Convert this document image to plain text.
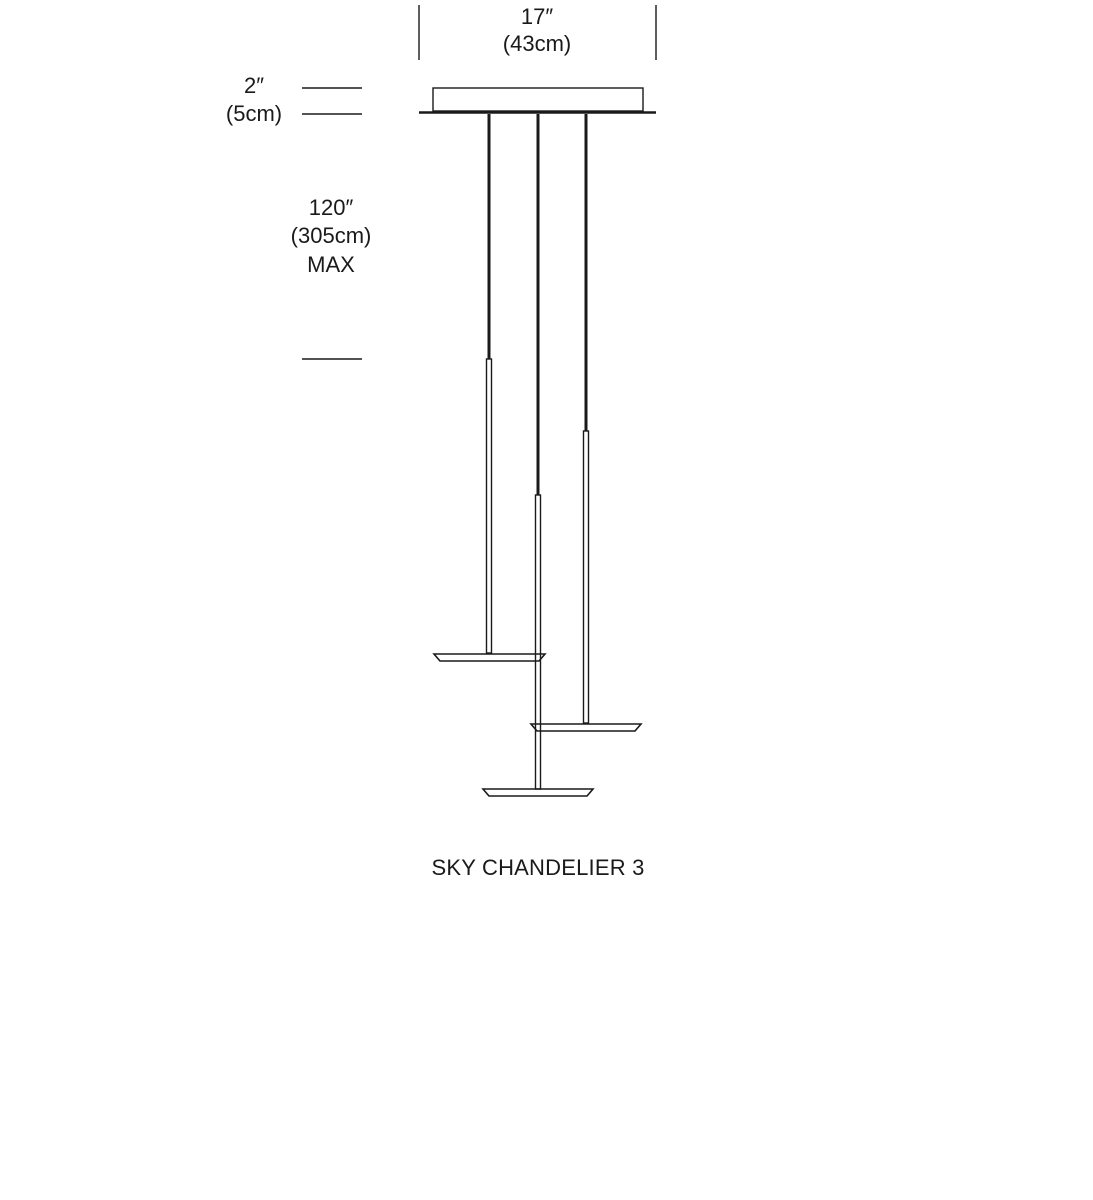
17″
(43cm)
2″
(5cm)
120″
(305cm)
MAX
SKY CHANDELIER 3
